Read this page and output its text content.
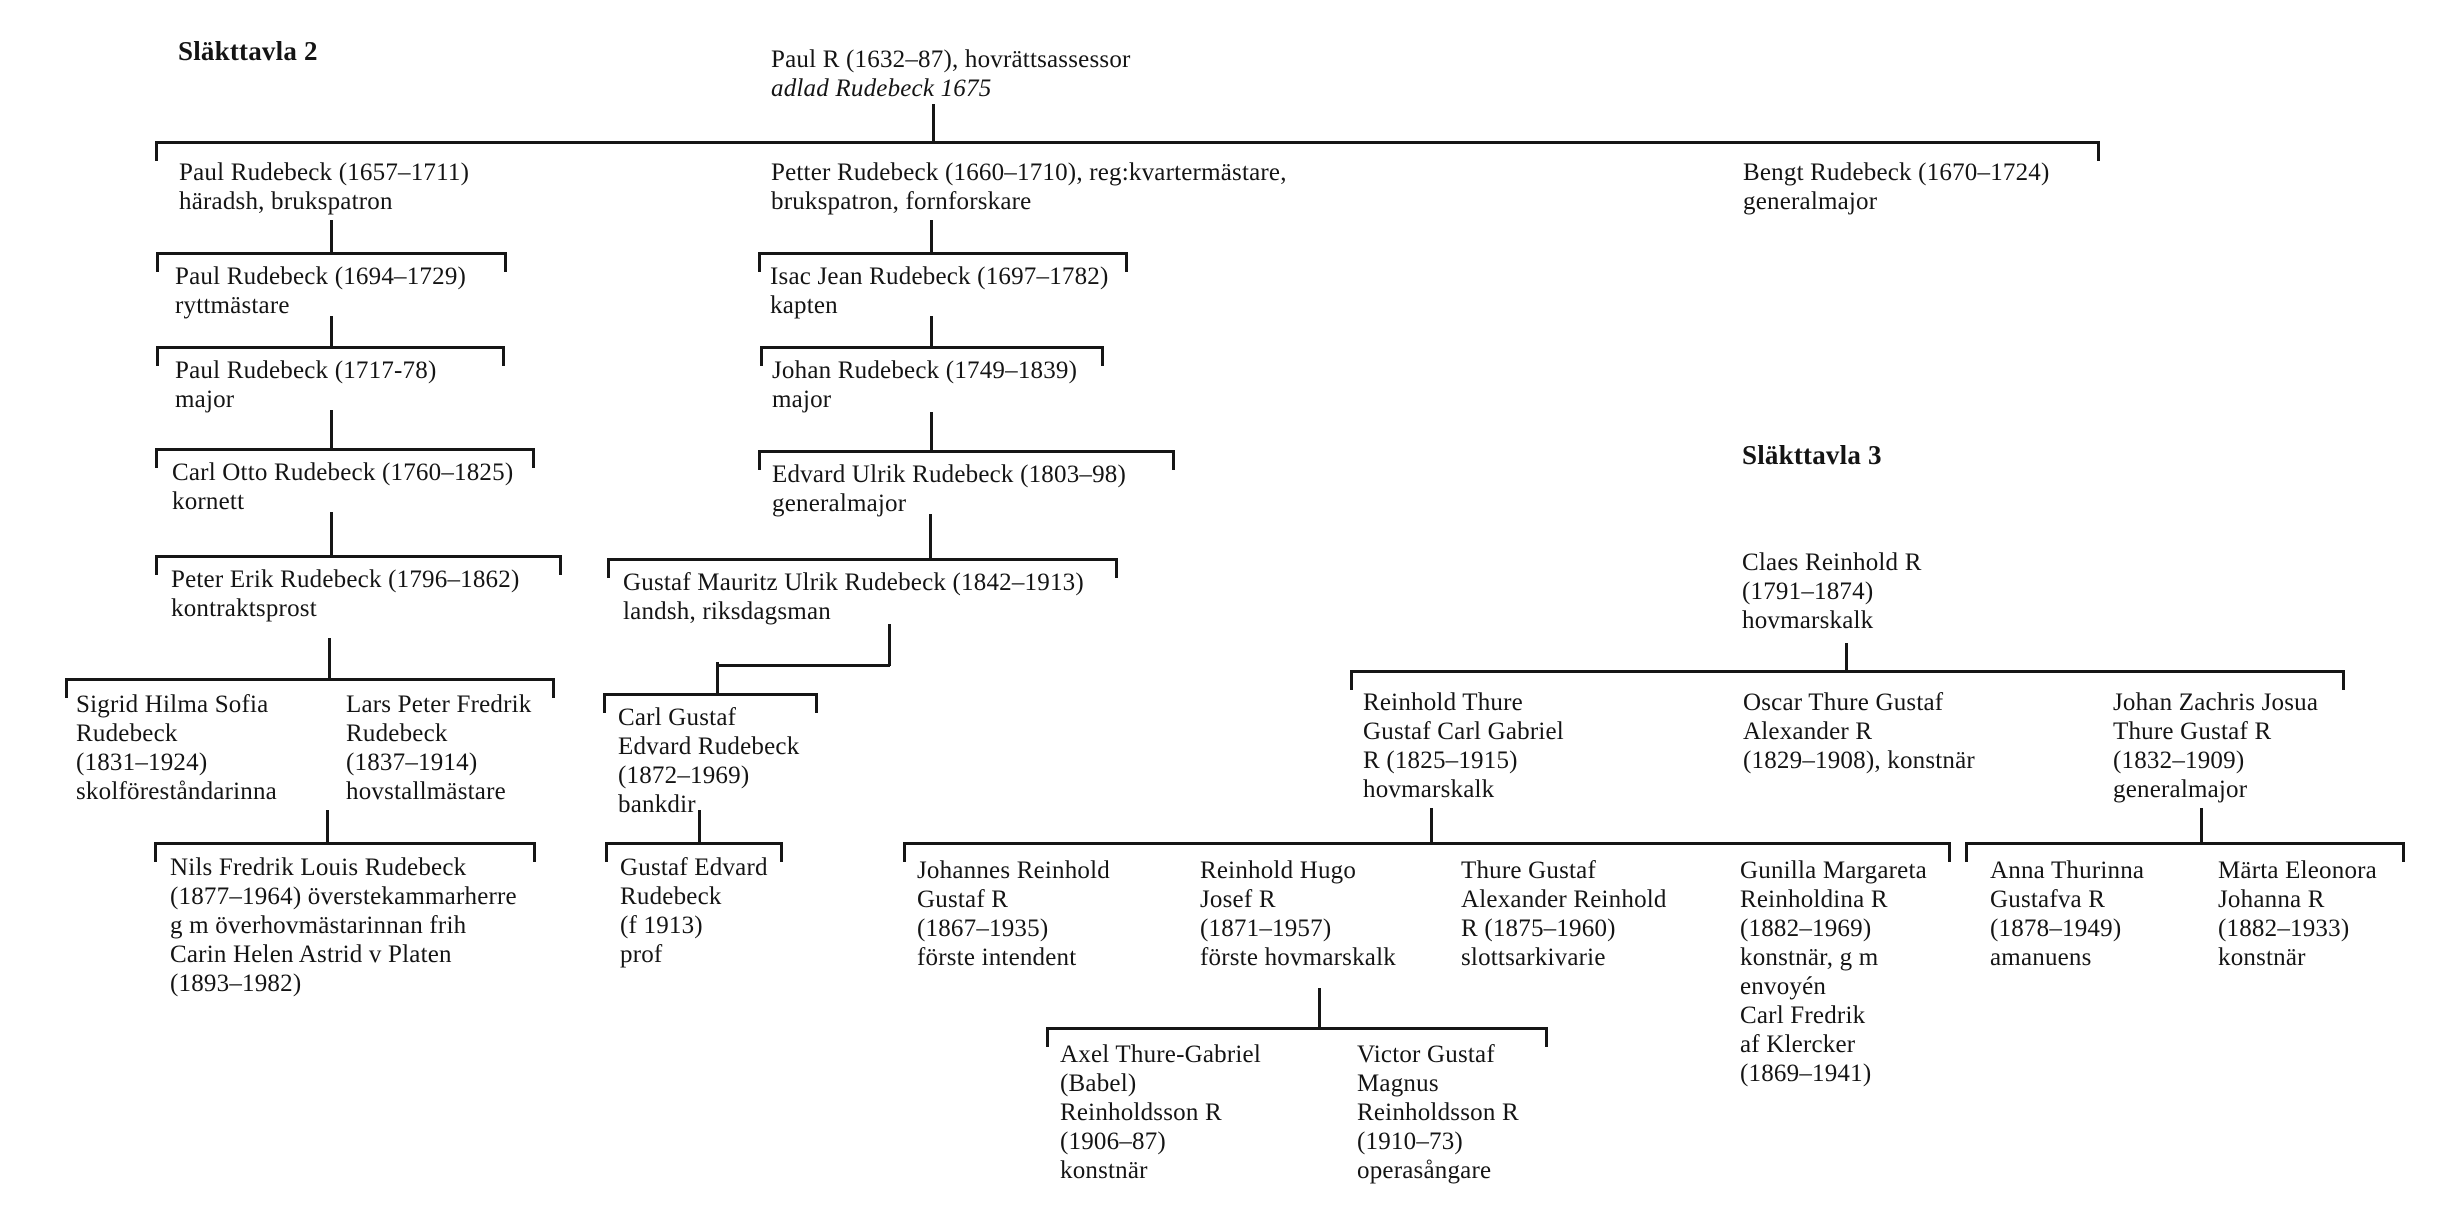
Släkttavla 2
Släkttavla 3
Paul R (1632–87), hovrättsassessor
adlad Rudebeck 1675
Paul Rudebeck (1657–1711)
häradsh, brukspatron
Petter Rudebeck (1660–1710), reg:kvartermästare,
brukspatron, fornforskare
Bengt Rudebeck (1670–1724)
generalmajor
Paul Rudebeck (1694–1729)
ryttmästare
Paul Rudebeck (1717-78)
major
Carl Otto Rudebeck (1760–1825)
kornett
Peter Erik Rudebeck (1796–1862)
kontraktsprost
Sigrid Hilma Sofia
Rudebeck
(1831–1924)
skolföreståndarinna
Lars Peter Fredrik
Rudebeck
(1837–1914)
hovstallmästare
Nils Fredrik Louis Rudebeck
(1877–1964) överstekammarherre
g m överhovmästarinnan frih
Carin Helen Astrid v Platen
(1893–1982)
Isac Jean Rudebeck (1697–1782)
kapten
Johan Rudebeck (1749–1839)
major
Edvard Ulrik Rudebeck (1803–98)
generalmajor
Gustaf Mauritz Ulrik Rudebeck (1842–1913)
landsh, riksdagsman
Carl Gustaf
Edvard Rudebeck
(1872–1969)
bankdir
Gustaf Edvard
Rudebeck
(f 1913)
prof
Claes Reinhold R
(1791–1874)
hovmarskalk
Reinhold Thure
Gustaf Carl Gabriel
R (1825–1915)
hovmarskalk
Oscar Thure Gustaf
Alexander R
(1829–1908), konstnär
Johan Zachris Josua
Thure Gustaf R
(1832–1909)
generalmajor
Johannes Reinhold
Gustaf R
(1867–1935)
förste intendent
Reinhold Hugo
Josef R
(1871–1957)
förste hovmarskalk
Thure Gustaf
Alexander Reinhold
R (1875–1960)
slottsarkivarie
Gunilla Margareta
Reinholdina R
(1882–1969)
konstnär, g m
envoyén
Carl Fredrik
af Klercker
(1869–1941)
Anna Thurinna
Gustafva R
(1878–1949)
amanuens
Märta Eleonora
Johanna R
(1882–1933)
konstnär
Axel Thure-Gabriel
(Babel)
Reinholdsson R
(1906–87)
konstnär
Victor Gustaf
Magnus
Reinholdsson R
(1910–73)
operasångare
